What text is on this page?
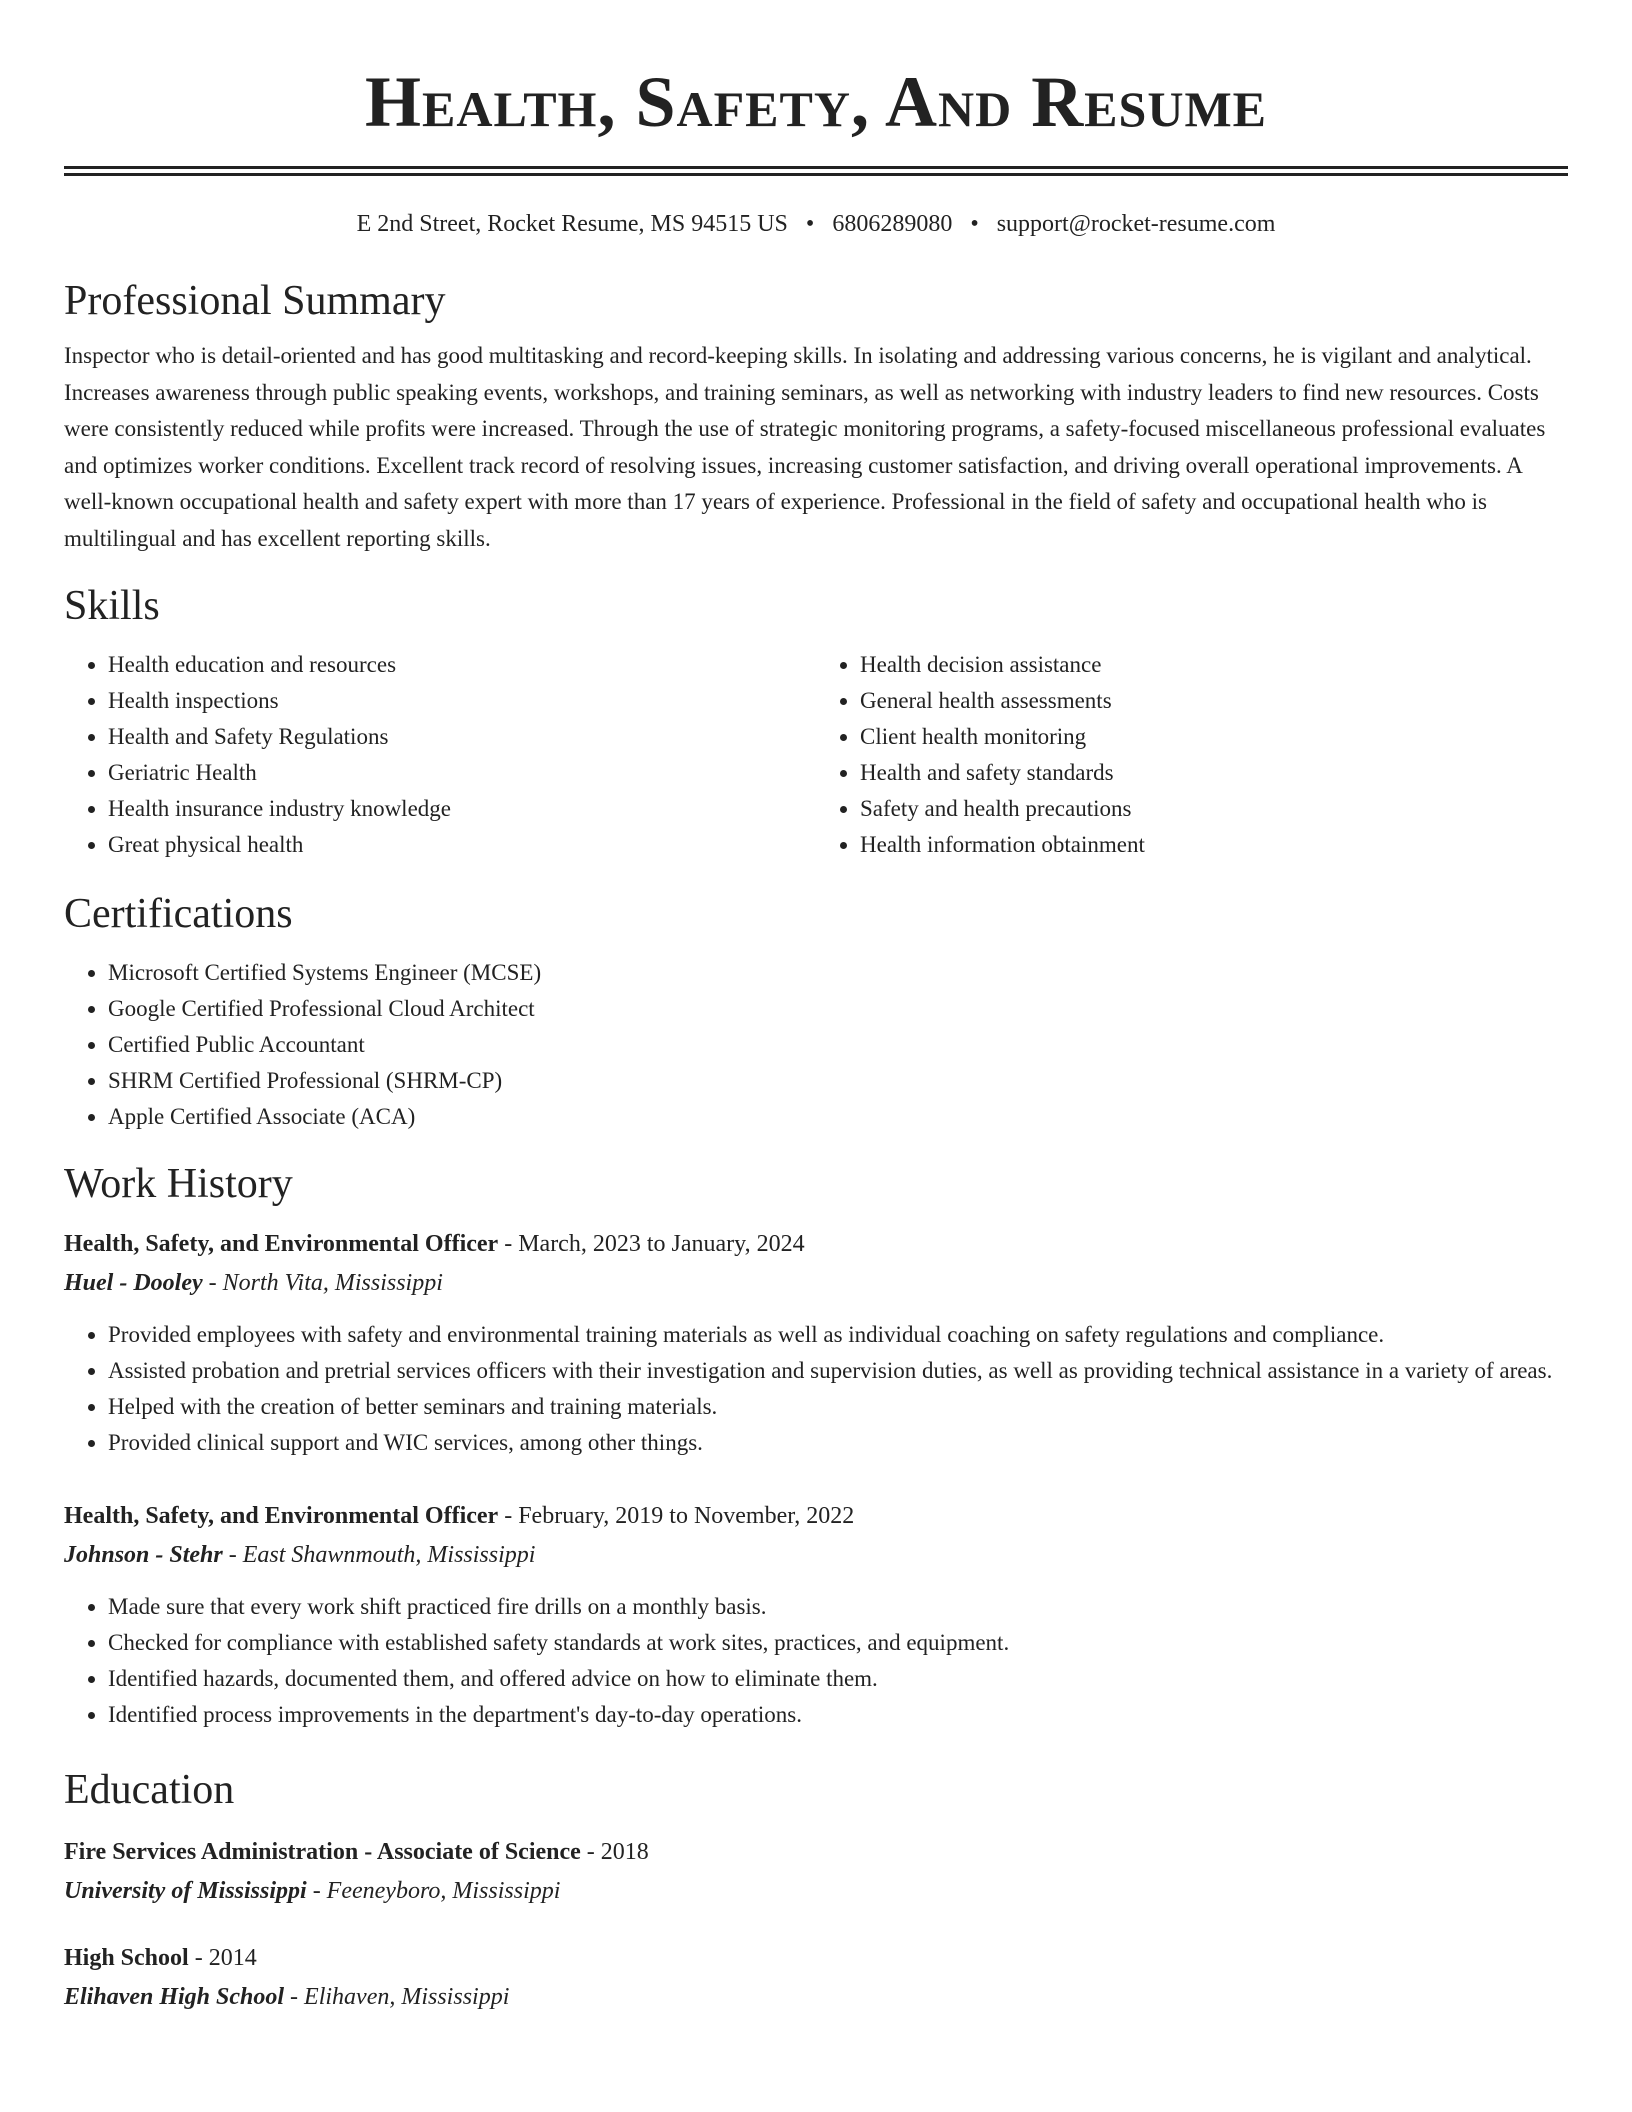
Health, Safety, And Resume
E 2nd Street, Rocket Resume, MS 94515 US • 6806289080 • support@rocket-resume.com
Professional Summary

Inspector who is detail-oriented and has good multitasking and record-keeping skills. In isolating and addressing various concerns, he is vigilant and analytical. Increases awareness through public speaking events, workshops, and training seminars, as well as networking with industry leaders to find new resources. Costs were consistently reduced while profits were increased. Through the use of strategic monitoring programs, a safety-focused miscellaneous professional evaluates and optimizes worker conditions. Excellent track record of resolving issues, increasing customer satisfaction, and driving overall operational improvements. A well-known occupational health and safety expert with more than 17 years of experience. Professional in the field of safety and occupational health who is multilingual and has excellent reporting skills.

Skills
• Health education and resources
• Health inspections
• Health and Safety Regulations
• Geriatric Health
• Health insurance industry knowledge
• Great physical health
• Health decision assistance
• General health assessments
• Client health monitoring
• Health and safety standards
• Safety and health precautions
• Health information obtainment
Certifications
• Microsoft Certified Systems Engineer (MCSE)
• Google Certified Professional Cloud Architect
• Certified Public Accountant
• SHRM Certified Professional (SHRM-CP)
• Apple Certified Associate (ACA)
Work History
Health, Safety, and Environmental Officer - March, 2023 to January, 2024
Huel - Dooley - North Vita, Mississippi
• Provided employees with safety and environmental training materials as well as individual coaching on safety regulations and compliance.
• Assisted probation and pretrial services officers with their investigation and supervision duties, as well as providing technical assistance in a variety of areas.
• Helped with the creation of better seminars and training materials.
• Provided clinical support and WIC services, among other things.
Health, Safety, and Environmental Officer - February, 2019 to November, 2022
Johnson - Stehr - East Shawnmouth, Mississippi
• Made sure that every work shift practiced fire drills on a monthly basis.
• Checked for compliance with established safety standards at work sites, practices, and equipment.
• Identified hazards, documented them, and offered advice on how to eliminate them.
• Identified process improvements in the department's day-to-day operations.
Education
Fire Services Administration - Associate of Science - 2018
University of Mississippi - Feeneyboro, Mississippi
High School - 2014
Elihaven High School - Elihaven, Mississippi
